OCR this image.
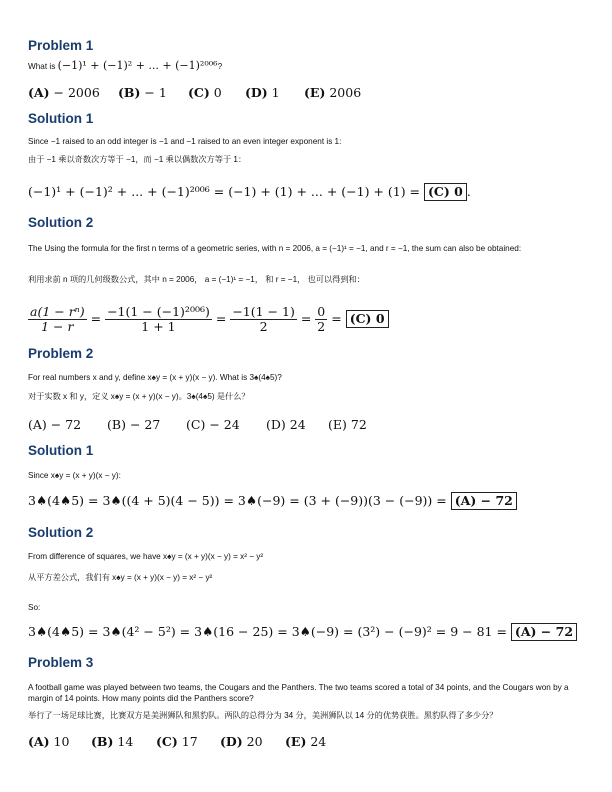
Problem 1
What is (−1)¹ + (−1)² + ... + (−1)²⁰⁰⁶?
(A) − 2006 (B) − 1 (C) 0 (D) 1 (E) 2006
Solution 1
Since −1 raised to an odd integer is −1 and −1 raised to an even integer exponent is 1:
由于 −1 乘以奇数次方等于 −1，而 −1 乘以偶数次方等于 1：
(−1)¹ + (−1)² + ... + (−1)²⁰⁰⁶ = (−1) + (1) + ... + (−1) + (1) = (C) 0 .
Solution 2
The Using the formula for the first n terms of a geometric series, with n = 2006, a = (−1)¹ = −1, and r = −1, the sum can also be obtained:
利用求前 n 项的几何级数公式，其中 n = 2006， a = (−1)¹ = −1， 和 r = −1， 也可以得到和：
$\frac{\text{a(1 − rⁿ)}}{1 - r} = \frac{\text{−1(1 − (−1)²⁰⁰⁶)}}{1 + 1} = \frac{-1(1 - 1)}{2} = \frac{0}{2} = (C)$ 0
Problem 2
For real numbers x and y, define x♠y = (x + y)(x − y). What is 3♠(4♠5)?
对于实数 x 和 y，定义 x♠y = (x + y)(x − y)。3♠(4♠5) 是什么？
(A) − 72 (B) − 27 (C) − 24 (D) 24 (E) 72
Solution 1
Since x♠y = (x + y)(x − y):
3♠(4♠5) = 3♠((4 + 5)(4 − 5)) = 3♠(−9) = (3 + (−9))(3 − (−9)) = (A) − 72
Solution 2
From difference of squares, we have x♠y = (x + y)(x − y) = x² − y²
从平方差公式，我们有 x♠y = (x + y)(x − y) = x² − y²
So:
3♠(4♠5) = 3♠(4² − 5²) = 3♠(16 − 25) = 3♠(−9) = (3²) − (−9)² = 9 − 81 = (A) − 72
Problem 3
A football game was played between two teams, the Cougars and the Panthers. The two teams scored a total of 34 points, and the Cougars won by a margin of 14 points. How many points did the Panthers score?
举行了一场足球比赛，比赛双方是美洲狮队和黑豹队。两队的总得分为 34 分，美洲狮队以 14 分的优势获胜。黑豹队得了多少分？
(A) 10 (B) 14 (C) 17 (D) 20 (E) 24
